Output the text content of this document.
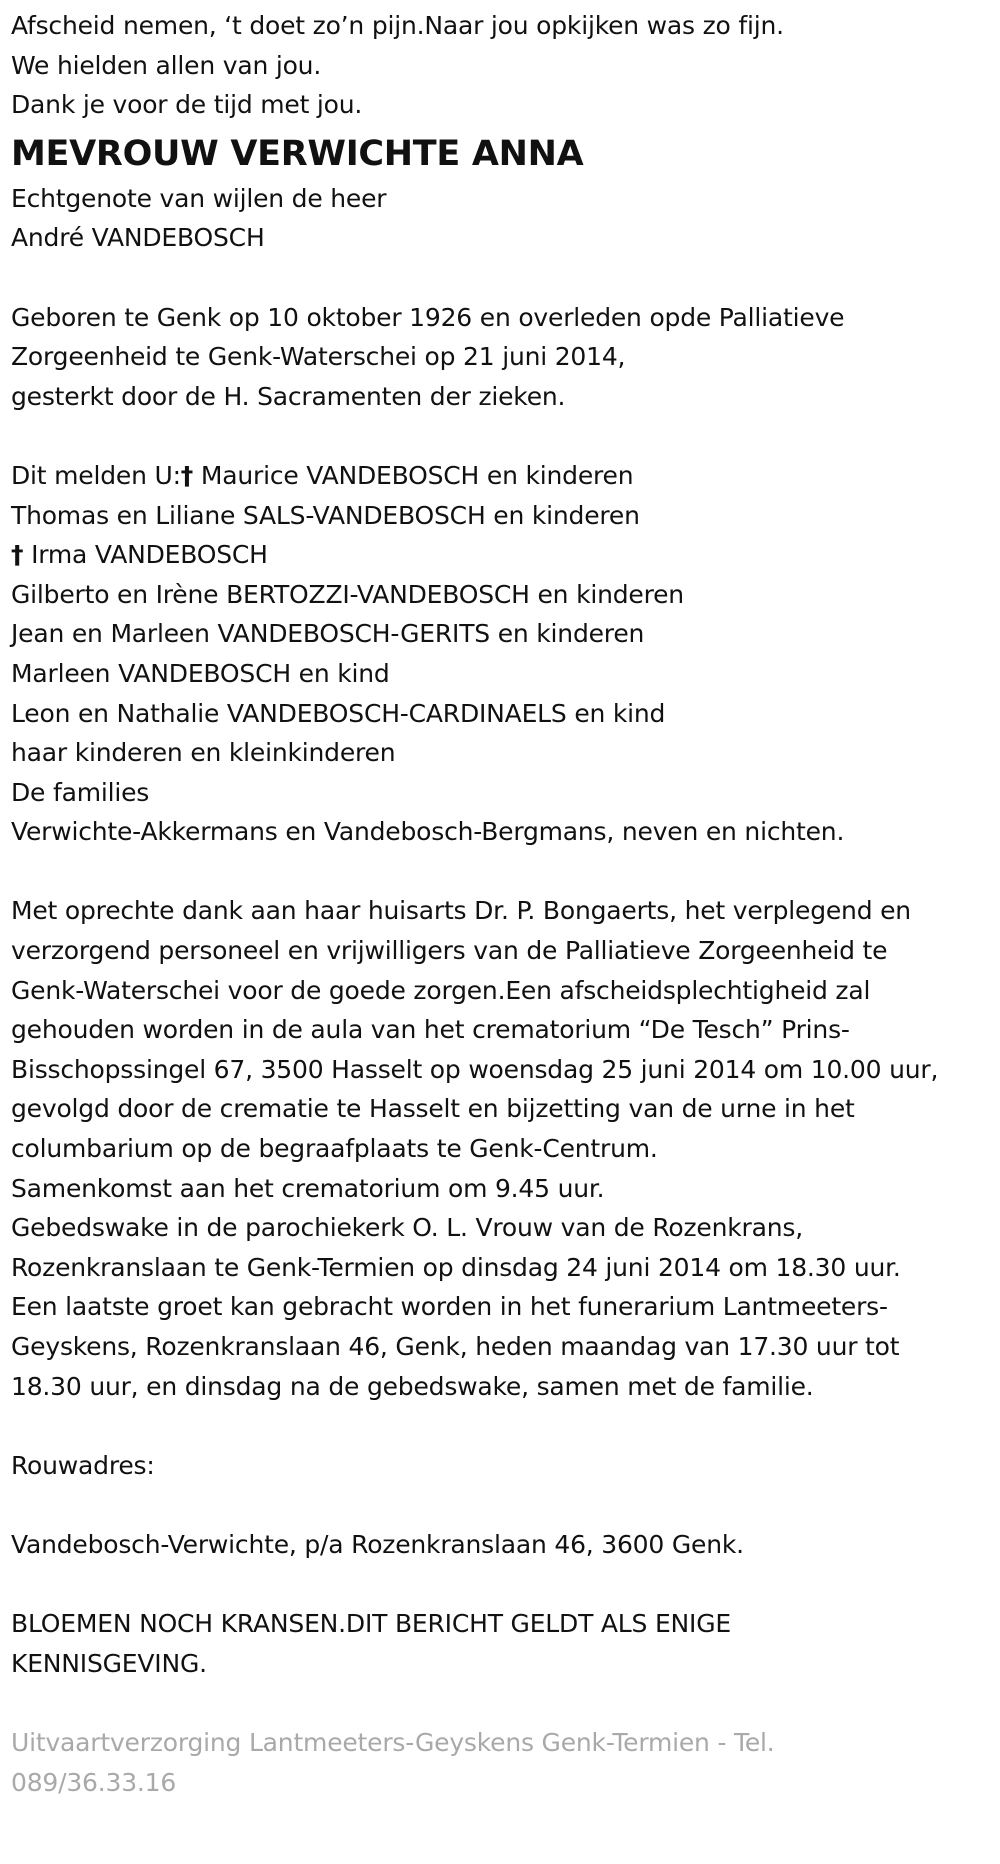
Afscheid nemen, ‘t doet zo’n pijn.Naar jou opkijken was zo fijn.
We hielden allen van jou.
Dank je voor de tijd met jou.
MEVROUW VERWICHTE ANNA
Echtgenote van wijlen de heer
André VANDEBOSCH
Geboren te Genk op 10 oktober 1926 en overleden opde Palliatieve
Zorgeenheid te Genk-Waterschei op 21 juni 2014,
gesterkt door de H. Sacramenten der zieken.
Dit melden U:† Maurice VANDEBOSCH en kinderen
Thomas en Liliane SALS-VANDEBOSCH en kinderen
† Irma VANDEBOSCH
Gilberto en Irène BERTOZZI-VANDEBOSCH en kinderen
Jean en Marleen VANDEBOSCH-GERITS en kinderen
Marleen VANDEBOSCH en kind
Leon en Nathalie VANDEBOSCH-CARDINAELS en kind
haar kinderen en kleinkinderen
De families
Verwichte-Akkermans en Vandebosch-Bergmans, neven en nichten.
Met oprechte dank aan haar huisarts Dr. P. Bongaerts, het verplegend en
verzorgend personeel en vrijwilligers van de Palliatieve Zorgeenheid te
Genk-Waterschei voor de goede zorgen.Een afscheidsplechtigheid zal
gehouden worden in de aula van het crematorium “De Tesch” Prins-
Bisschopssingel 67, 3500 Hasselt op woensdag 25 juni 2014 om 10.00 uur,
gevolgd door de crematie te Hasselt en bijzetting van de urne in het
columbarium op de begraafplaats te Genk-Centrum.
Samenkomst aan het crematorium om 9.45 uur.
Gebedswake in de parochiekerk O. L. Vrouw van de Rozenkrans,
Rozenkranslaan te Genk-Termien op dinsdag 24 juni 2014 om 18.30 uur.
Een laatste groet kan gebracht worden in het funerarium Lantmeeters-
Geyskens, Rozenkranslaan 46, Genk, heden maandag van 17.30 uur tot
18.30 uur, en dinsdag na de gebedswake, samen met de familie.
Rouwadres:
Vandebosch-Verwichte, p/a Rozenkranslaan 46, 3600 Genk.
BLOEMEN NOCH KRANSEN.DIT BERICHT GELDT ALS ENIGE
KENNISGEVING.
Uitvaartverzorging Lantmeeters-Geyskens Genk-Termien - Tel.
089/36.33.16
